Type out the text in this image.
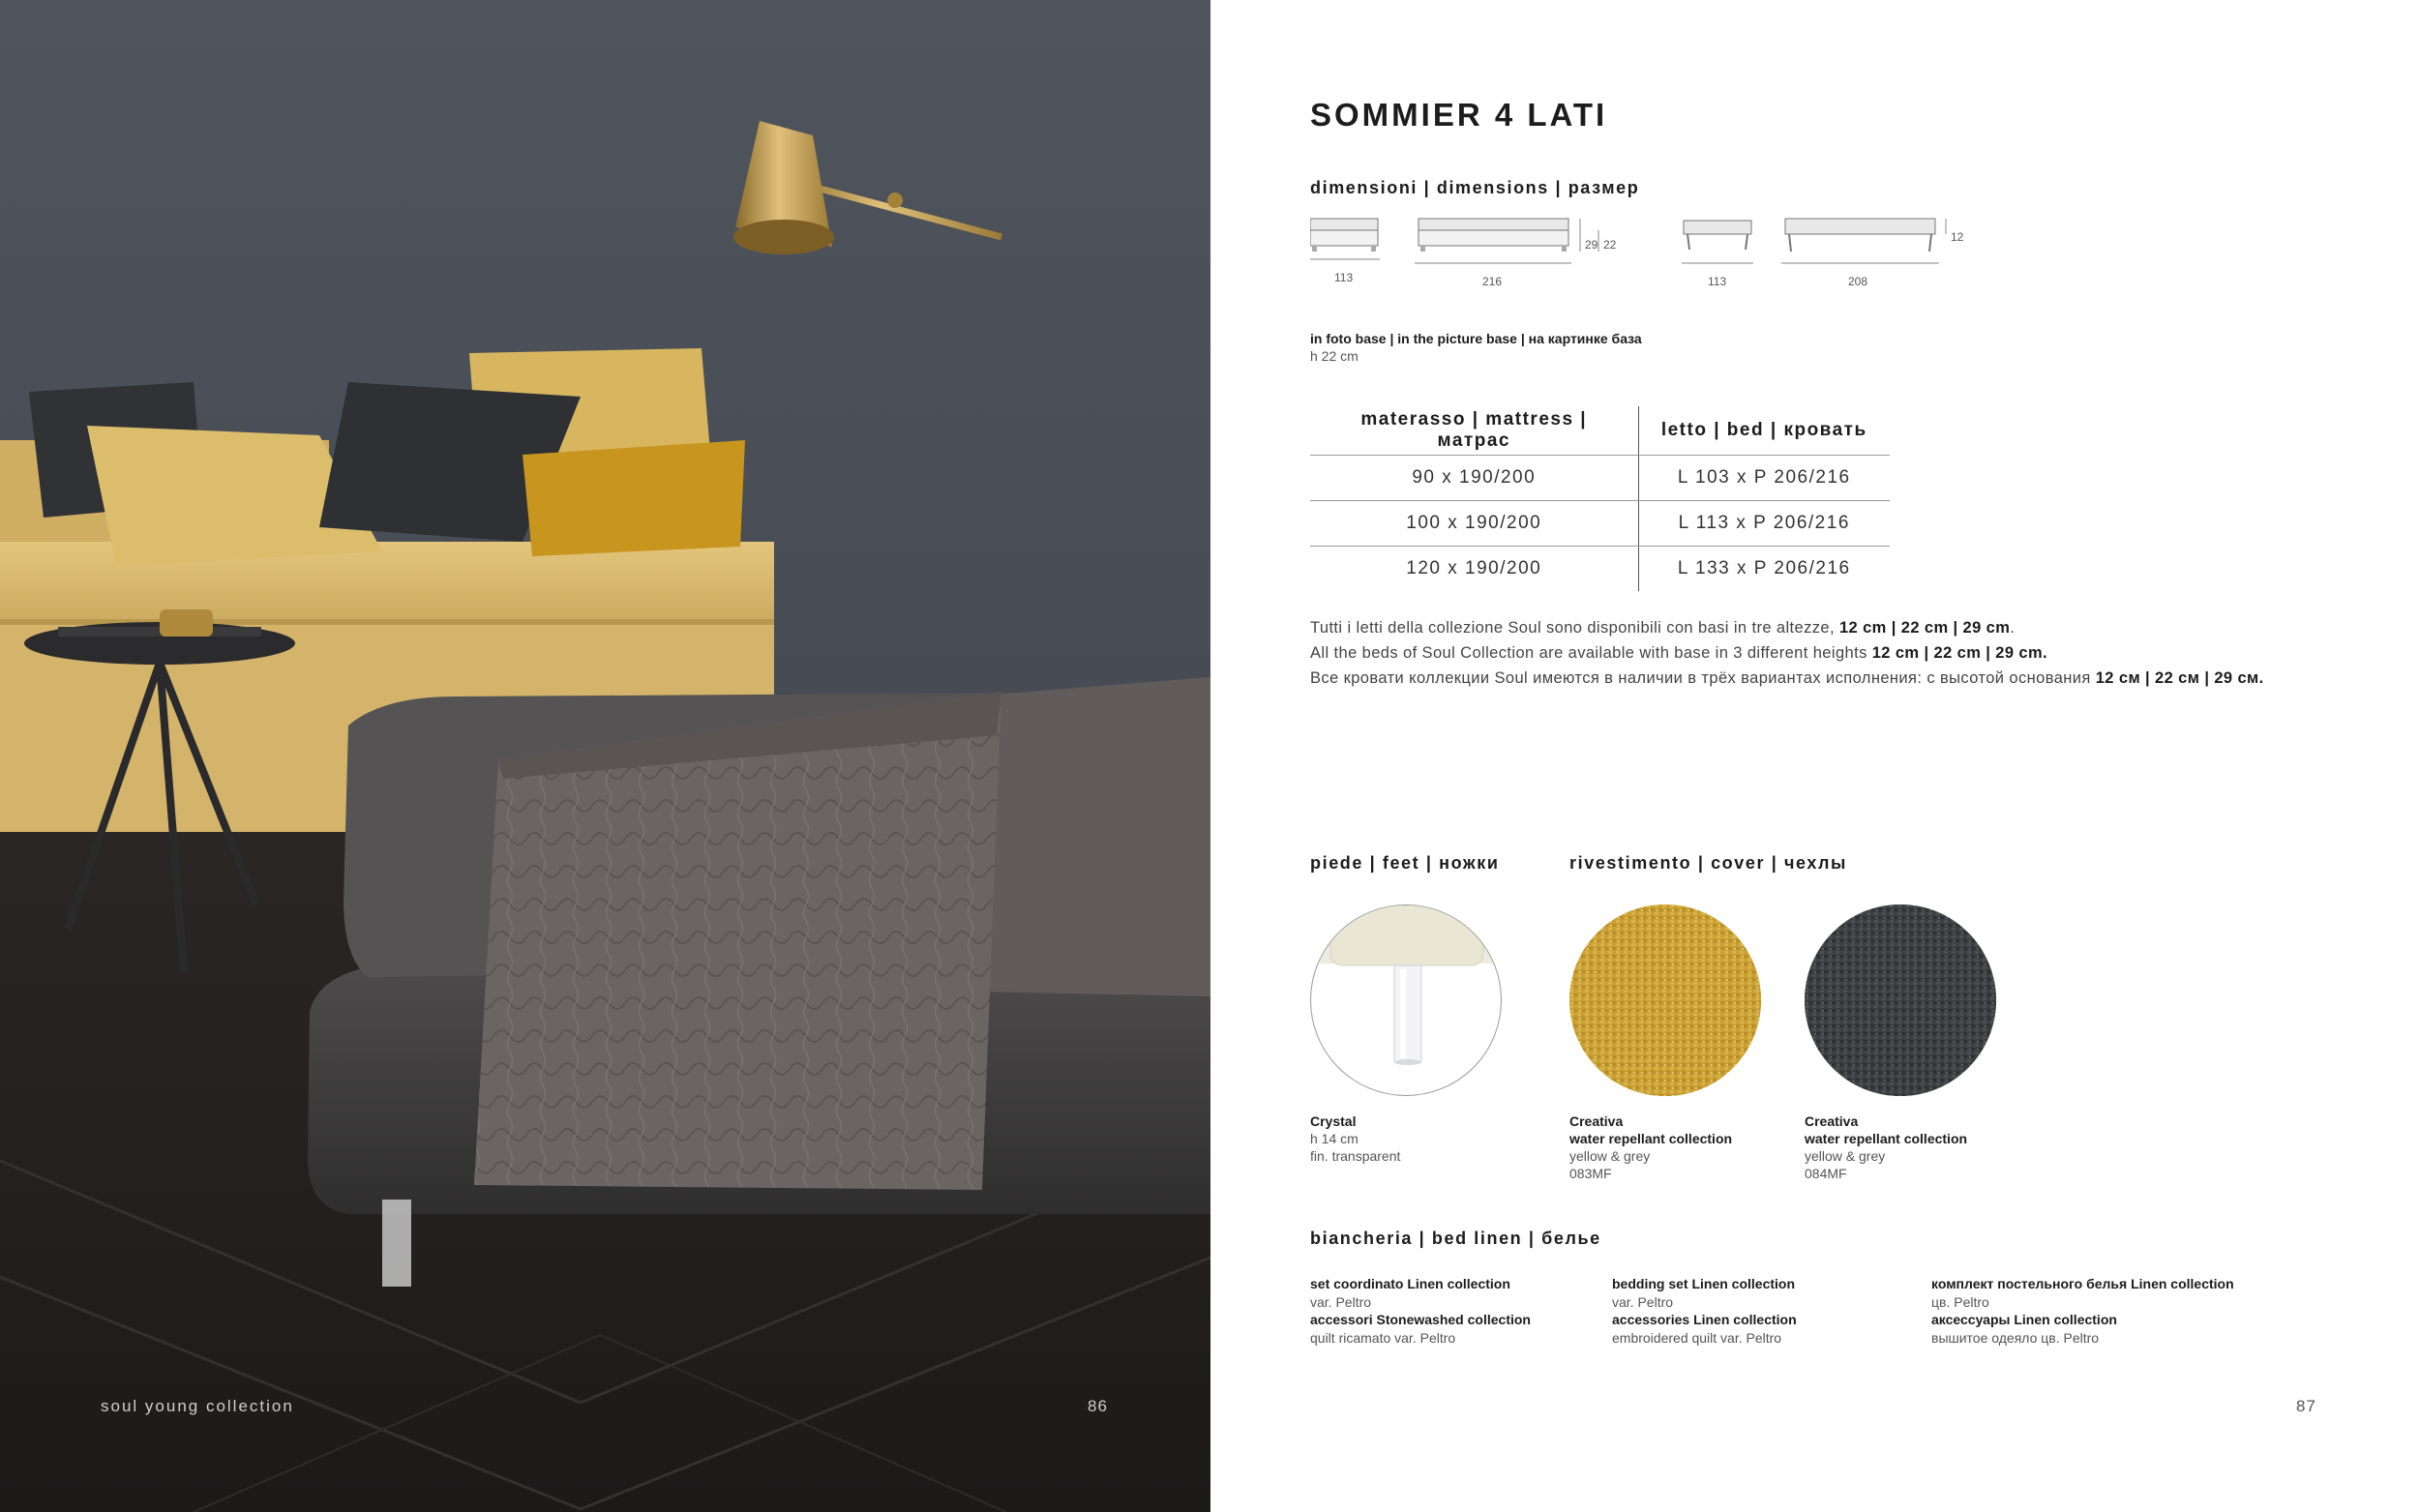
soul young collection	86
SOMMIER 4 LATI
dimensioni | dimensions | размер
113	216
29 22
113	208
12
in foto base | in the picture base | на картинке база
h 22 cm
materasso | mattress | матрас	letto | bed | кровать
90 x 190/200	L 103 x P 206/216
100 x 190/200	L 113 x P 206/216
120 x 190/200	L 133 x P 206/216
Tutti i letti della collezione Soul sono disponibili con basi in tre altezze, 12 cm | 22 cm | 29 cm.
All the beds of Soul Collection are available with base in 3 different heights 12 cm | 22 cm | 29 cm.
Все кровати коллекции Soul имеются в наличии в трёх вариантах исполнения: с высотой основания 12 см | 22 см | 29 см.
piede | feet | ножки
Crystal
h 14 cm
fin. transparent
rivestimento | cover | чехлы
Creativa
water repellant collection
yellow & grey
083MF
Creativa
water repellant collection
yellow & grey
084MF
biancheria | bed linen | белье
set coordinato Linen collection
var. Peltro
accessori Stonewashed collection
quilt ricamato var. Peltro
bedding set Linen collection
var. Peltro
accessories Linen collection
embroidered quilt var. Peltro
комплект постельного белья Linen collection
цв. Peltro
аксессуары Linen collection
вышитое одеяло цв. Peltro
87
